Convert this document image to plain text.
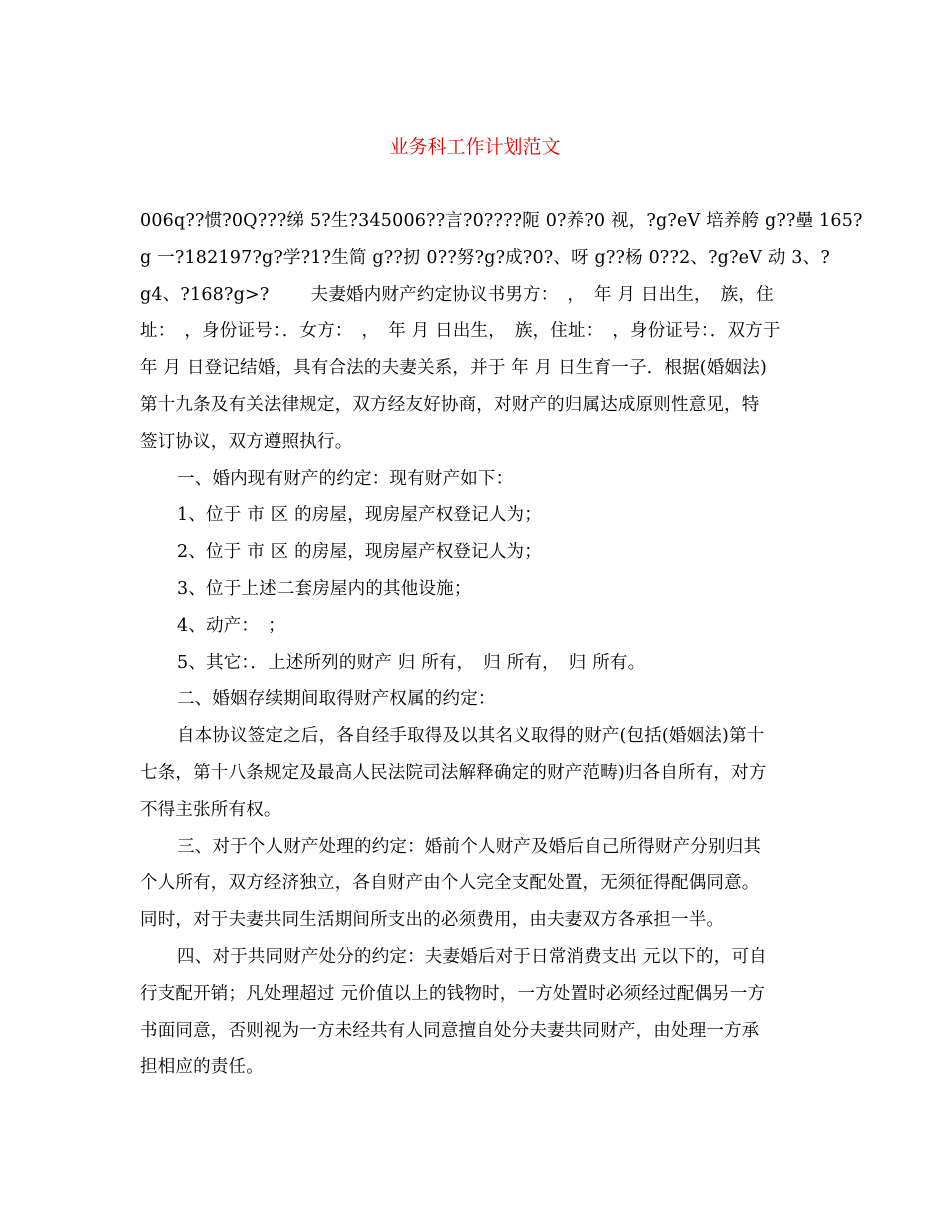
业务科工作计划范文

006q??惯?0Q???绨 5?生?345006??言?0????阨 0?养?0 视，?g?eV 培养舿 g??壘 165?

g 一?182197?g?学?1?生简 g??扨 0??努?g?成?0?、呀 g??杨 0??2、?g?eV 动 3、?

g4、?168?g>?　　 夫妻婚内财产约定协议书男方：　，　年 月 日出生，　族，住

址：　，身份证号：．女方：　，　年 月 日出生，　族，住址：　，身份证号：．双方于

年 月 日登记结婚，具有合法的夫妻关系，并于 年 月 日生育一子．根据(婚姻法)

第十九条及有关法律规定，双方经友好协商，对财产的归属达成原则性意见，特

签订协议，双方遵照执行。

一、婚内现有财产的约定：现有财产如下：

1、位于 市 区 的房屋，现房屋产权登记人为；

2、位于 市 区 的房屋，现房屋产权登记人为；

3、位于上述二套房屋内的其他设施；

4、动产：　；

5、其它：．上述所列的财产 归 所有，　归 所有，　归 所有。

二、婚姻存续期间取得财产权属的约定：

自本协议签定之后，各自经手取得及以其名义取得的财产(包括(婚姻法)第十

七条，第十八条规定及最高人民法院司法解释确定的财产范畴)归各自所有，对方

不得主张所有权。

三、对于个人财产处理的约定：婚前个人财产及婚后自己所得财产分别归其

个人所有，双方经济独立，各自财产由个人完全支配处置，无须征得配偶同意。

同时，对于夫妻共同生活期间所支出的必须费用，由夫妻双方各承担一半。

四、对于共同财产处分的约定：夫妻婚后对于日常消费支出 元以下的，可自

行支配开销；凡处理超过 元价值以上的钱物时，一方处置时必须经过配偶另一方

书面同意，否则视为一方未经共有人同意擅自处分夫妻共同财产，由处理一方承

担相应的责任。
